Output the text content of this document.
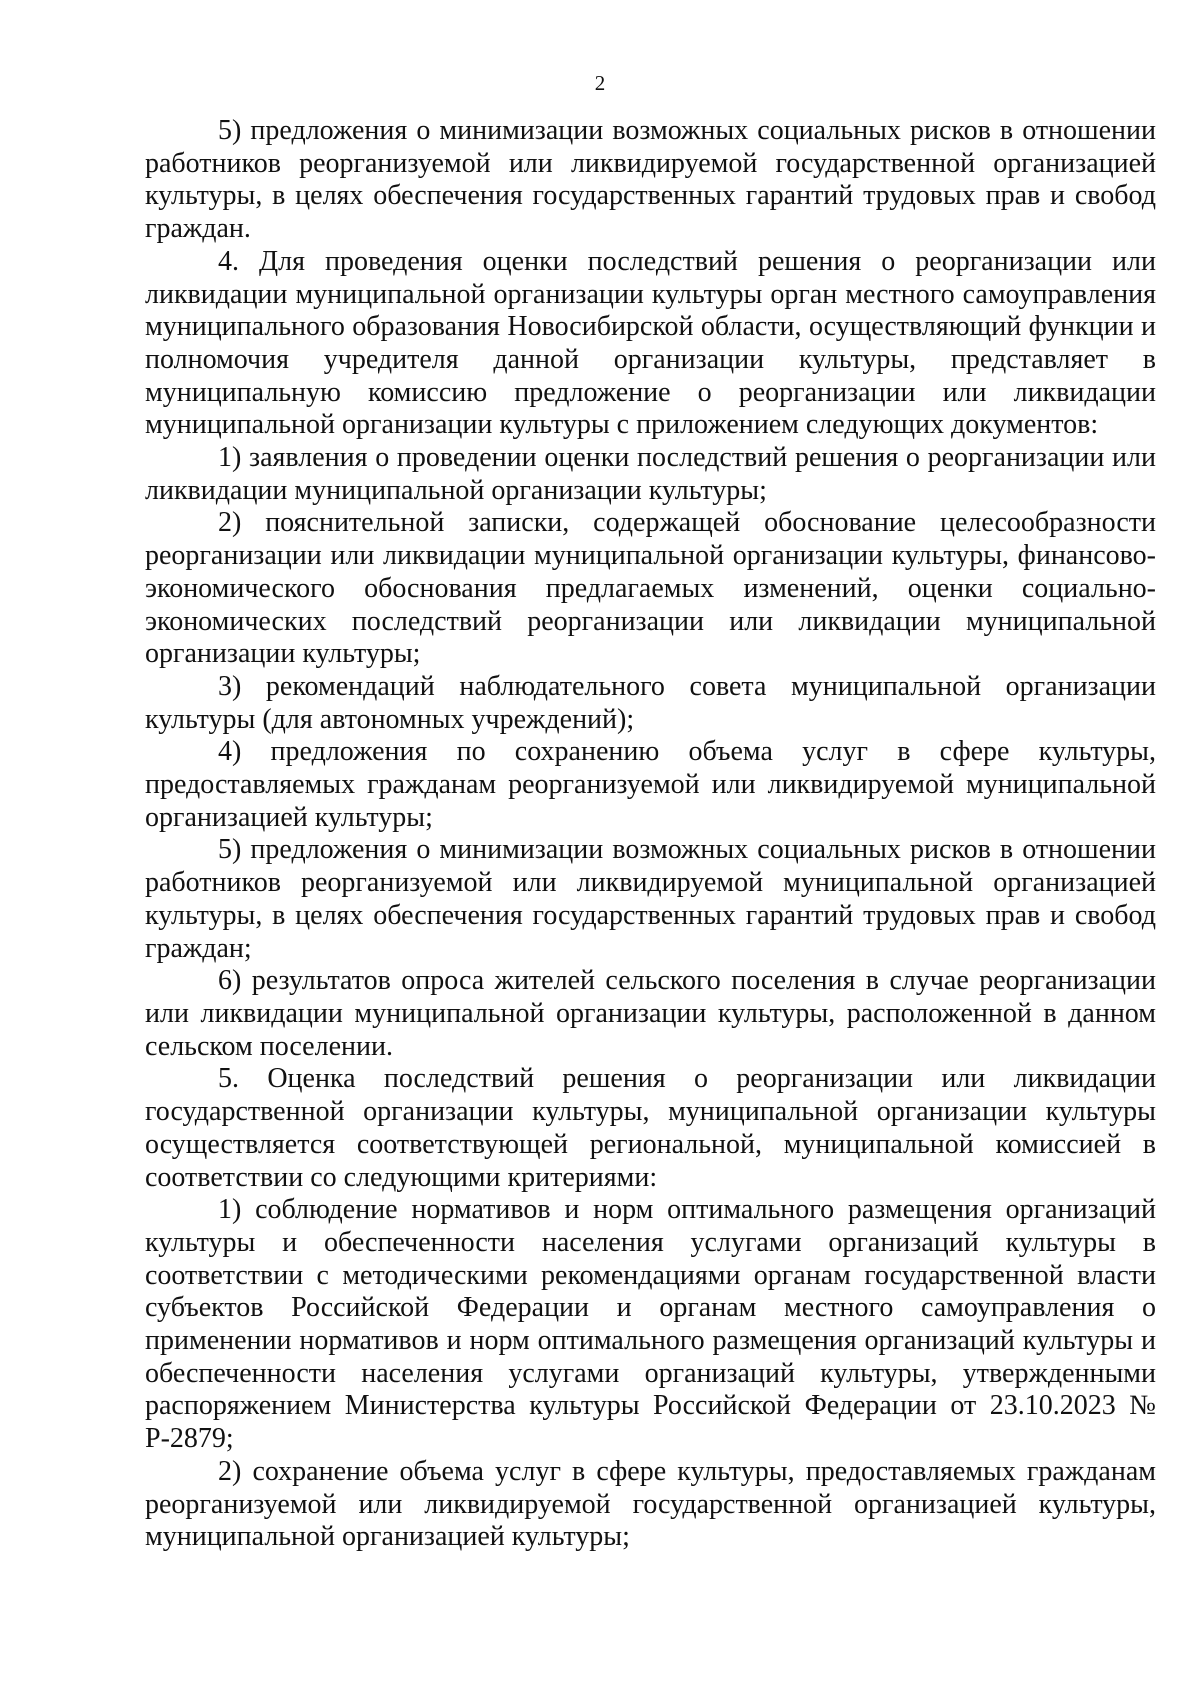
2

5) предложения о минимизации возможных социальных рисков в отношении работников реорганизуемой или ликвидируемой государственной организацией культуры, в целях обеспечения государственных гарантий трудовых прав и свобод граждан.

4. Для проведения оценки последствий решения о реорганизации или ликвидации муниципальной организации культуры орган местного самоуправления муниципального образования Новосибирской области, осуществляющий функции и полномочия учредителя данной организации культуры, представляет в муниципальную комиссию предложение о реорганизации или ликвидации муниципальной организации культуры с приложением следующих документов:

1) заявления о проведении оценки последствий решения о реорганизации или ликвидации муниципальной организации культуры;

2) пояснительной записки, содержащей обоснование целесообразности реорганизации или ликвидации муниципальной организации культуры, финансово-экономического обоснования предлагаемых изменений, оценки социально-экономических последствий реорганизации или ликвидации муниципальной организации культуры;

3) рекомендаций наблюдательного совета муниципальной организации культуры (для автономных учреждений);

4) предложения по сохранению объема услуг в сфере культуры, предоставляемых гражданам реорганизуемой или ликвидируемой муниципальной организацией культуры;

5) предложения о минимизации возможных социальных рисков в отношении работников реорганизуемой или ликвидируемой муниципальной организацией культуры, в целях обеспечения государственных гарантий трудовых прав и свобод граждан;

6) результатов опроса жителей сельского поселения в случае реорганизации или ликвидации муниципальной организации культуры, расположенной в данном сельском поселении.

5. Оценка последствий решения о реорганизации или ликвидации государственной организации культуры, муниципальной организации культуры осуществляется соответствующей региональной, муниципальной комиссией в соответствии со следующими критериями:

1) соблюдение нормативов и норм оптимального размещения организаций культуры и обеспеченности населения услугами организаций культуры в соответствии с методическими рекомендациями органам государственной власти субъектов Российской Федерации и органам местного самоуправления о применении нормативов и норм оптимального размещения организаций культуры и обеспеченности населения услугами организаций культуры, утвержденными распоряжением Министерства культуры Российской Федерации от 23.10.2023 № Р-2879;

2) сохранение объема услуг в сфере культуры, предоставляемых гражданам реорганизуемой или ликвидируемой государственной организацией культуры, муниципальной организацией культуры;
